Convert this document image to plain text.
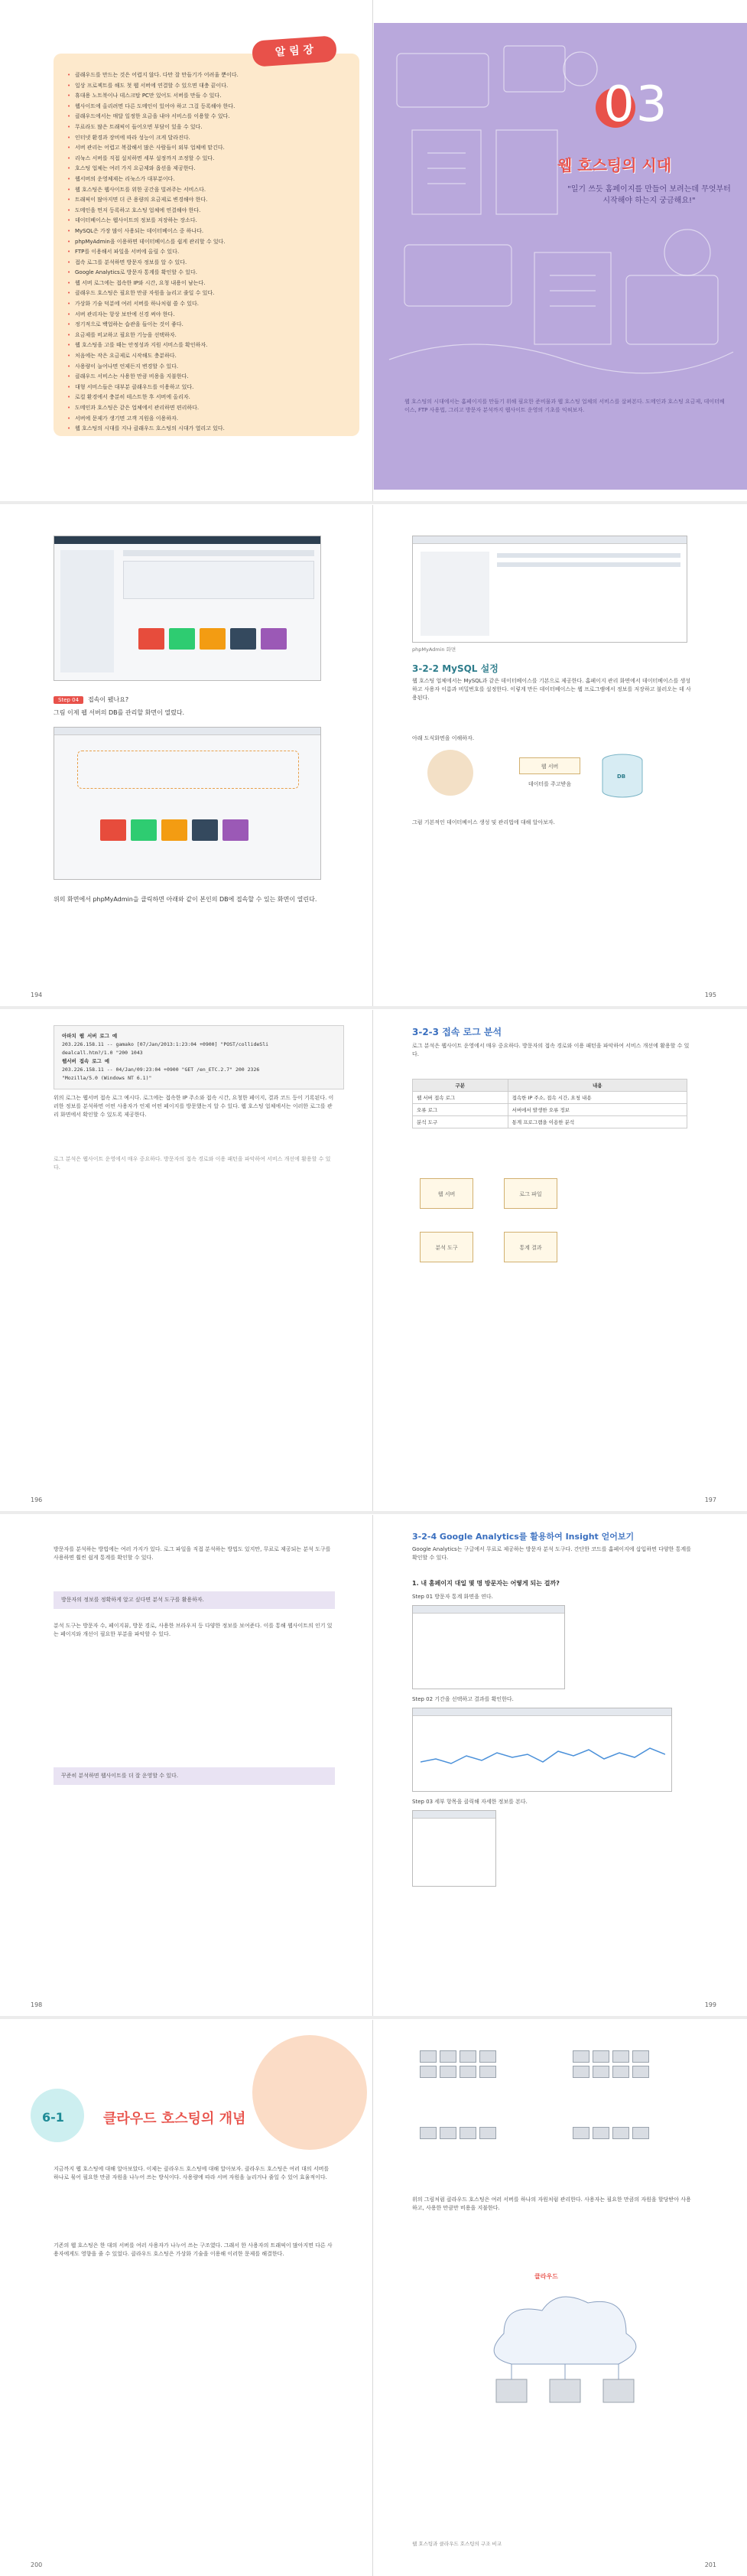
• 클래우드를 만드는 것은 어렵지 않다. 다만 잘 만들기가 어려울 뿐이다.
• 일상 프로젝트를 해도 첫 웹 서버에 연결할 수 있으면 대충 끝이다.
• 휴대용 노트북이나 데스크탑 PC만 있어도 서버를 만들 수 있다.
• 웹사이트에 올리려면 다른 도메인이 있어야 하고 그걸 등록해야 한다.
• 클래우드에서는 매달 일정한 요금을 내야 서비스를 이용할 수 있다.
• 무료라도 많은 트래픽이 들어오면 부담이 있을 수 있다.
• 인터넷 환경과 장비에 따라 성능이 크게 달라진다.
• 서버 관리는 어렵고 복잡해서 많은 사람들이 외부 업체에 맡긴다.
• 리눅스 서버를 직접 설치하면 세부 설정까지 조정할 수 있다.
• 호스팅 업체는 여러 가지 요금제와 옵션을 제공한다.
• 웹서버의 운영체제는 리눅스가 대부분이다.
• 웹 호스팅은 웹사이트를 위한 공간을 빌려주는 서비스다.
• 트래픽이 많아지면 더 큰 용량의 요금제로 변경해야 한다.
• 도메인을 먼저 등록하고 호스팅 업체에 연결해야 한다.
• 데이터베이스는 웹사이트의 정보를 저장하는 장소다.
• MySQL은 가장 많이 사용되는 데이터베이스 중 하나다.
• phpMyAdmin을 이용하면 데이터베이스를 쉽게 관리할 수 있다.
• FTP를 이용해서 파일을 서버에 올릴 수 있다.
• 접속 로그를 분석하면 방문자 정보를 알 수 있다.
• Google Analytics로 방문자 통계를 확인할 수 있다.
• 웹 서버 로그에는 접속한 IP와 시간, 요청 내용이 남는다.
• 클래우드 호스팅은 필요한 만큼 자원을 늘리고 줄일 수 있다.
• 가상화 기술 덕분에 여러 서버를 하나처럼 쓸 수 있다.
• 서버 관리자는 항상 보안에 신경 써야 한다.
• 정기적으로 백업하는 습관을 들이는 것이 좋다.
• 요금제를 비교하고 필요한 기능을 선택하자.
• 웹 호스팅을 고를 때는 안정성과 지원 서비스를 확인하자.
• 처음에는 작은 요금제로 시작해도 충분하다.
• 사용량이 늘어나면 언제든지 변경할 수 있다.
• 클래우드 서비스는 사용한 만큼 비용을 지불한다.
• 대형 서비스들은 대부분 클래우드를 이용하고 있다.
• 로컬 환경에서 충분히 테스트한 후 서버에 올리자.
• 도메인과 호스팅은 같은 업체에서 관리하면 편리하다.
• 서버에 문제가 생기면 고객 지원을 이용하자.
• 웹 호스팅의 시대를 지나 클래우드 호스팅의 시대가 열리고 있다.
알 림 장
03
웹 호스팅의 시대
"일기 쓰듯 홈페이지를 만들어 보려는데 무엇부터 시작해야 하는지 궁금해요!"
웹 호스팅의 시대에서는 홈페이지를 만들기 위해 필요한 준비물과 웹 호스팅 업체의 서비스를 살펴본다. 도메인과 호스팅 요금제, 데이터베이스, FTP 사용법, 그리고 방문자 분석까지 웹사이트 운영의 기초를 익혀보자.
Step 04	접속이 됐나요?
그림 이제 웹 서버의 DB를 관리할 화면이 열렸다.
위의 화면에서 phpMyAdmin을 클릭하면 아래와 같이 본인의 DB에 접속할 수 있는 화면이 열린다.
194
phpMyAdmin 화면
3-2-2 MySQL 설정
웹 호스팅 업체에서는 MySQL과 같은 데이터베이스를 기본으로 제공한다. 홈페이지 관리 화면에서 데이터베이스를 생성하고 사용자 이름과 비밀번호를 설정한다. 이렇게 만든 데이터베이스는 웹 프로그램에서 정보를 저장하고 불러오는 데 사용된다.
아래 도식화면을 이해하자.
웹 서버
데이터를 주고받음
DB
그럼 기본적인 데이터베이스 생성 및 관리법에 대해 알아보자.
195
아파치 웹 서버 로그 예
203.226.158.11 -- gamako [07/Jan/2013:1:23:04 +0900] "POST/collideSli
dealcall.htm?/1.0 "200 1043
웹서버 접속 로그 예
203.226.158.11 -- 04/Jan/09:23:04 +0900 "GET /en_ETC.2.7" 200 2326
"Mozilla/5.0 (Windows NT 6.1)"
위의 로그는 웹서버 접속 로그 예시다. 로그에는 접속한 IP 주소와 접속 시간, 요청한 페이지, 결과 코드 등이 기록된다. 이러한 정보를 분석하면 어떤 사용자가 언제 어떤 페이지를 방문했는지 알 수 있다. 웹 호스팅 업체에서는 이러한 로그를 관리 화면에서 확인할 수 있도록 제공한다.
로그 분석은 웹사이트 운영에서 매우 중요하다. 방문자의 접속 경로와 이용 패턴을 파악하여 서비스 개선에 활용할 수 있다.
196
3-2-3 접속 로그 분석
로그 분석은 웹사이트 운영에서 매우 중요하다. 방문자의 접속 경로와 이용 패턴을 파악하여 서비스 개선에 활용할 수 있다.
구분	내용
웹 서버 접속 로그	접속한 IP 주소, 접속 시간, 요청 내용
오류 로그	서버에서 발생한 오류 정보
분석 도구	통계 프로그램을 이용한 분석
웹 서버	로그 파일
분석 도구	통계 결과
197
방문자를 분석하는 방법에는 여러 가지가 있다. 로그 파일을 직접 분석하는 방법도 있지만, 무료로 제공되는 분석 도구를 사용하면 훨씬 쉽게 통계를 확인할 수 있다.
방문자의 정보를 정확하게 알고 싶다면 분석 도구를 활용하자.
분석 도구는 방문자 수, 페이지뷰, 방문 경로, 사용한 브라우저 등 다양한 정보를 보여준다. 이를 통해 웹사이트의 인기 있는 페이지와 개선이 필요한 부분을 파악할 수 있다.
꾸준히 분석하면 웹사이트를 더 잘 운영할 수 있다.
198
3-2-4 Google Analytics를 활용하여 Insight 얻어보기
Google Analytics는 구글에서 무료로 제공하는 방문자 분석 도구다. 간단한 코드를 홈페이지에 삽입하면 다양한 통계를 확인할 수 있다.
1. 내 홈페이지 대일 몇 명 방문자는 어떻게 되는 걸까?
Step 01 방문자 통계 화면을 연다.
Step 02 기간을 선택하고 결과를 확인한다.
Step 03 세부 항목을 클릭해 자세한 정보를 본다.
199
6-1	클라우드 호스팅의 개념
지금까지 웹 호스팅에 대해 알아보았다. 이제는 클라우드 호스팅에 대해 알아보자. 클라우드 호스팅은 여러 대의 서버를 하나로 묶어 필요한 만큼 자원을 나누어 쓰는 방식이다. 사용량에 따라 서버 자원을 늘리거나 줄일 수 있어 효율적이다.
기존의 웹 호스팅은 한 대의 서버를 여러 사용자가 나누어 쓰는 구조였다. 그래서 한 사용자의 트래픽이 많아지면 다른 사용자에게도 영향을 줄 수 있었다. 클라우드 호스팅은 가상화 기술을 이용해 이러한 문제를 해결한다.
200
위의 그림처럼 클라우드 호스팅은 여러 서버를 하나의 자원처럼 관리한다. 사용자는 필요한 만큼의 자원을 할당받아 사용하고, 사용한 만큼만 비용을 지불한다.
클라우드
웹 호스팅과 클라우드 호스팅의 구조 비교
201
